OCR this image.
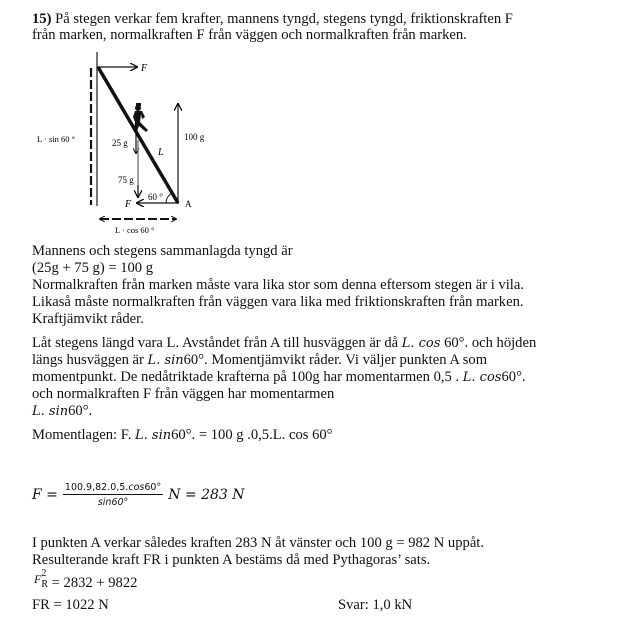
15) På stegen verkar fem krafter, mannens tyngd, stegens tyngd, friktionskraften F
från marken, normalkraften F från väggen och normalkraften från marken.
F
100 g
25 g
75 g
L
F
60 °
A
L · sin 60 °
L · cos 60 °
Mannens och stegens sammanlagda tyngd är
(25g + 75 g) = 100 g
Normalkraften från marken måste vara lika stor som denna eftersom stegen är i vila.
Likaså måste normalkraften från väggen vara lika med friktionskraften från marken.
Kraftjämvikt råder.
Låt stegens längd vara L. Avståndet från A till husväggen är då L. cos 60°. och höjden
längs husväggen är L. sin60°. Momentjämvikt råder. Vi väljer punkten A som
momentpunkt. De nedåtriktade krafterna på 100g har momentarmen 0,5 . L. cos60°.
och normalkraften F från väggen har momentarmen
L. sin60°.
Momentlagen: F. L. sin60°. = 100 g .0,5.L. cos 60°
$F = \frac{100.9,82.0,5.\cos 60^\circ}{\sin 60^\circ}$ N = 283 N
I punkten A verkar således kraften 283 N åt vänster och 100 g = 982 N uppåt.
Resulterande kraft FR i punkten A bestäms då med Pythagoras’ sats.
$F^2$
R = 2832 + 9822
FR = 1022 N	Svar: 1,0 kN
